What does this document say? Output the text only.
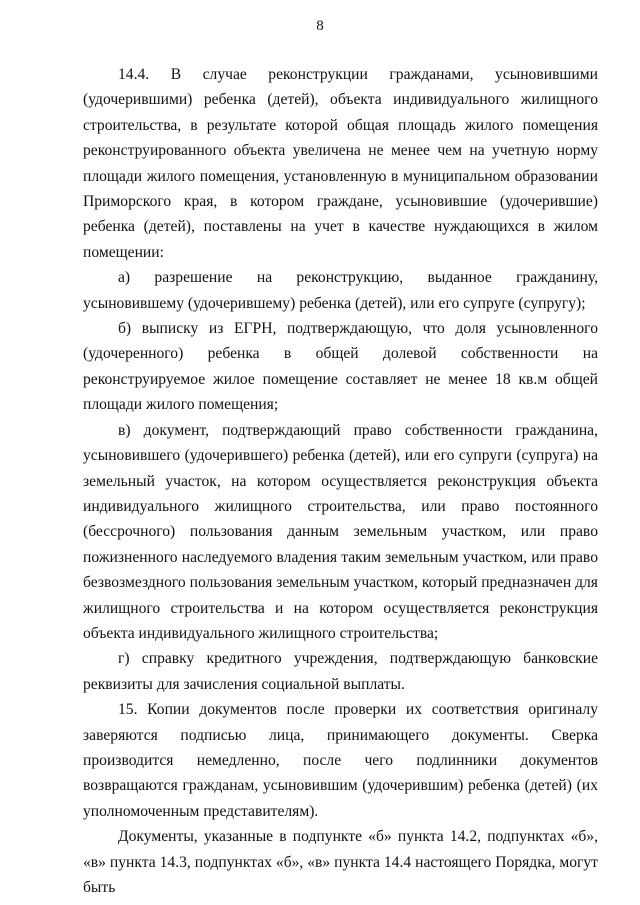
8

14.4. В случае реконструкции гражданами, усыновившими (удочерившими) ребенка (детей), объекта индивидуального жилищного строительства, в результате которой общая площадь жилого помещения реконструированного объекта увеличена не менее чем на учетную норму площади жилого помещения, установленную в муниципальном образовании Приморского края, в котором граждане, усыновившие (удочерившие) ребенка (детей), поставлены на учет в качестве нуждающихся в жилом помещении:

а) разрешение на реконструкцию, выданное гражданину, усыновившему (удочерившему) ребенка (детей), или его супруге (супругу);

б) выписку из ЕГРН, подтверждающую, что доля усыновленного (удочеренного) ребенка в общей долевой собственности на реконструируемое жилое помещение составляет не менее 18 кв.м общей площади жилого помещения;

в) документ, подтверждающий право собственности гражданина, усыновившего (удочерившего) ребенка (детей), или его супруги (супруга) на земельный участок, на котором осуществляется реконструкция объекта индивидуального жилищного строительства, или право постоянного (бессрочного) пользования данным земельным участком, или право пожизненного наследуемого владения таким земельным участком, или право безвозмездного пользования земельным участком, который предназначен для жилищного строительства и на котором осуществляется реконструкция объекта индивидуального жилищного строительства;

г) справку кредитного учреждения, подтверждающую банковские реквизиты для зачисления социальной выплаты.

15. Копии документов после проверки их соответствия оригиналу заверяются подписью лица, принимающего документы. Сверка производится немедленно, после чего подлинники документов возвращаются гражданам, усыновившим (удочерившим) ребенка (детей) (их уполномоченным представителям).

Документы, указанные в подпункте «б» пункта 14.2, подпунктах «б», «в» пункта 14.3, подпунктах «б», «в» пункта 14.4 настоящего Порядка, могут быть
